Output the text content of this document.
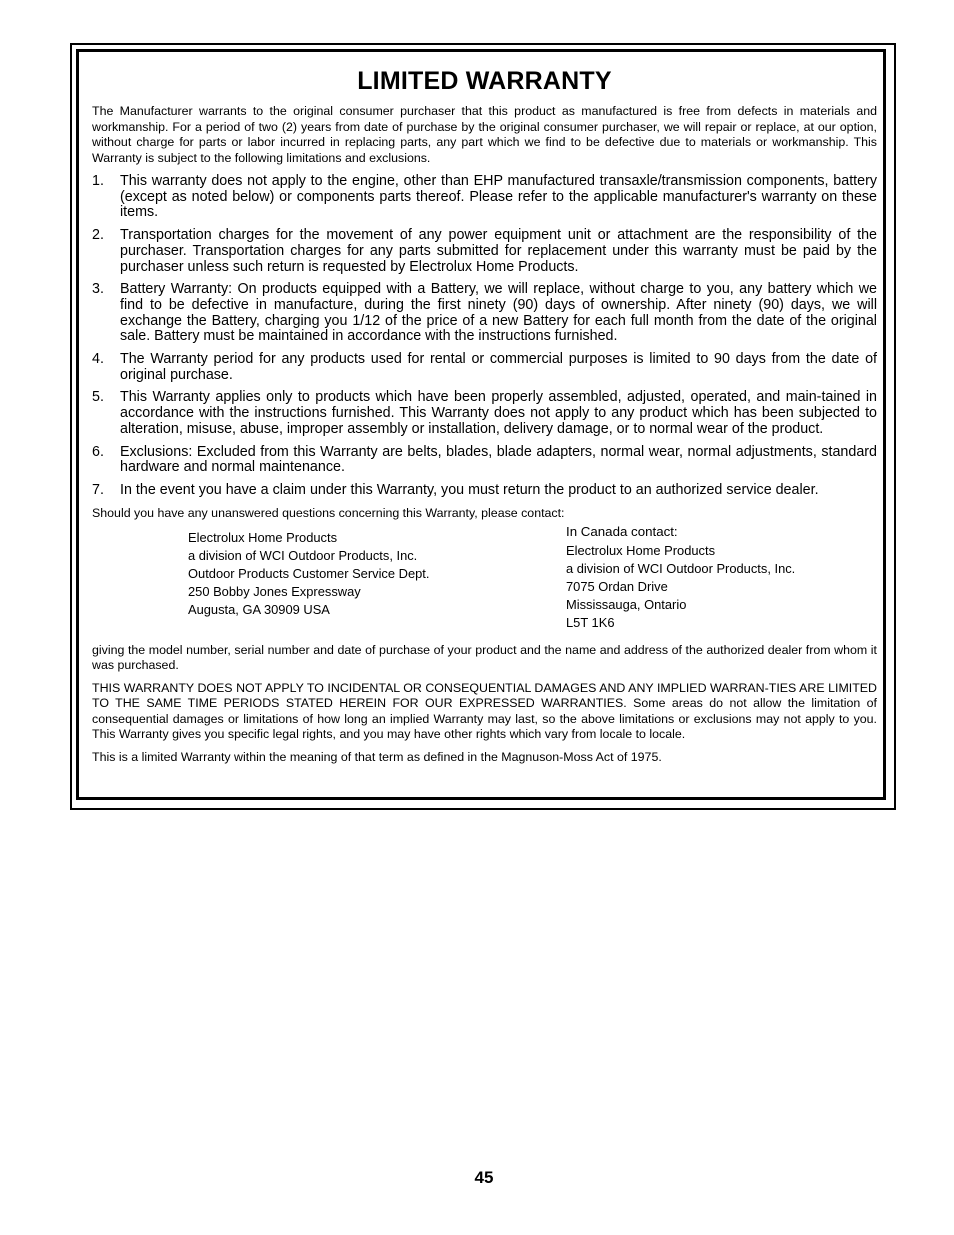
LIMITED WARRANTY

The Manufacturer warrants to the original consumer purchaser that this product as manufactured is free from defects in materials and workmanship. For a period of two (2) years from date of purchase by the original consumer purchaser, we will repair or replace, at our option, without charge for parts or labor incurred in replacing parts, any part which we find to be defective due to materials or workmanship. This Warranty is subject to the following limitations and exclusions.

1. This warranty does not apply to the engine, other than EHP manufactured transaxle/transmission components, battery (except as noted below) or components parts thereof. Please refer to the applicable manufacturer's warranty on these items.
2. Transportation charges for the movement of any power equipment unit or attachment are the responsibility of the purchaser. Transportation charges for any parts submitted for replacement under this warranty must be paid by the purchaser unless such return is requested by Electrolux Home Products.
3. Battery Warranty: On products equipped with a Battery, we will replace, without charge to you, any battery which we find to be defective in manufacture, during the first ninety (90) days of ownership. After ninety (90) days, we will exchange the Battery, charging you 1/12 of the price of a new Battery for each full month from the date of the original sale. Battery must be maintained in accordance with the instructions furnished.
4. The Warranty period for any products used for rental or commercial purposes is limited to 90 days from the date of original purchase.
5. This Warranty applies only to products which have been properly assembled, adjusted, operated, and main-tained in accordance with the instructions furnished. This Warranty does not apply to any product which has been subjected to alteration, misuse, abuse, improper assembly or installation, delivery damage, or to normal wear of the product.
6. Exclusions: Excluded from this Warranty are belts, blades, blade adapters, normal wear, normal adjustments, standard hardware and normal maintenance.
7. In the event you have a claim under this Warranty, you must return the product to an authorized service dealer.

Should you have any unanswered questions concerning this Warranty, please contact:

Electrolux Home Products
a division of WCI Outdoor Products, Inc.
Outdoor Products Customer Service Dept.
250 Bobby Jones Expressway
Augusta, GA 30909 USA
In Canada contact:
Electrolux Home Products
a division of WCI Outdoor Products, Inc.
7075 Ordan Drive
Mississauga, Ontario
L5T 1K6

giving the model number, serial number and date of purchase of your product and the name and address of the authorized dealer from whom it was purchased.

THIS WARRANTY DOES NOT APPLY TO INCIDENTAL OR CONSEQUENTIAL DAMAGES AND ANY IMPLIED WARRAN-TIES ARE LIMITED TO THE SAME TIME PERIODS STATED HEREIN FOR OUR EXPRESSED WARRANTIES. Some areas do not allow the limitation of consequential damages or limitations of how long an implied Warranty may last, so the above limitations or exclusions may not apply to you. This Warranty gives you specific legal rights, and you may have other rights which vary from locale to locale.

This is a limited Warranty within the meaning of that term as defined in the Magnuson-Moss Act of 1975.

45
